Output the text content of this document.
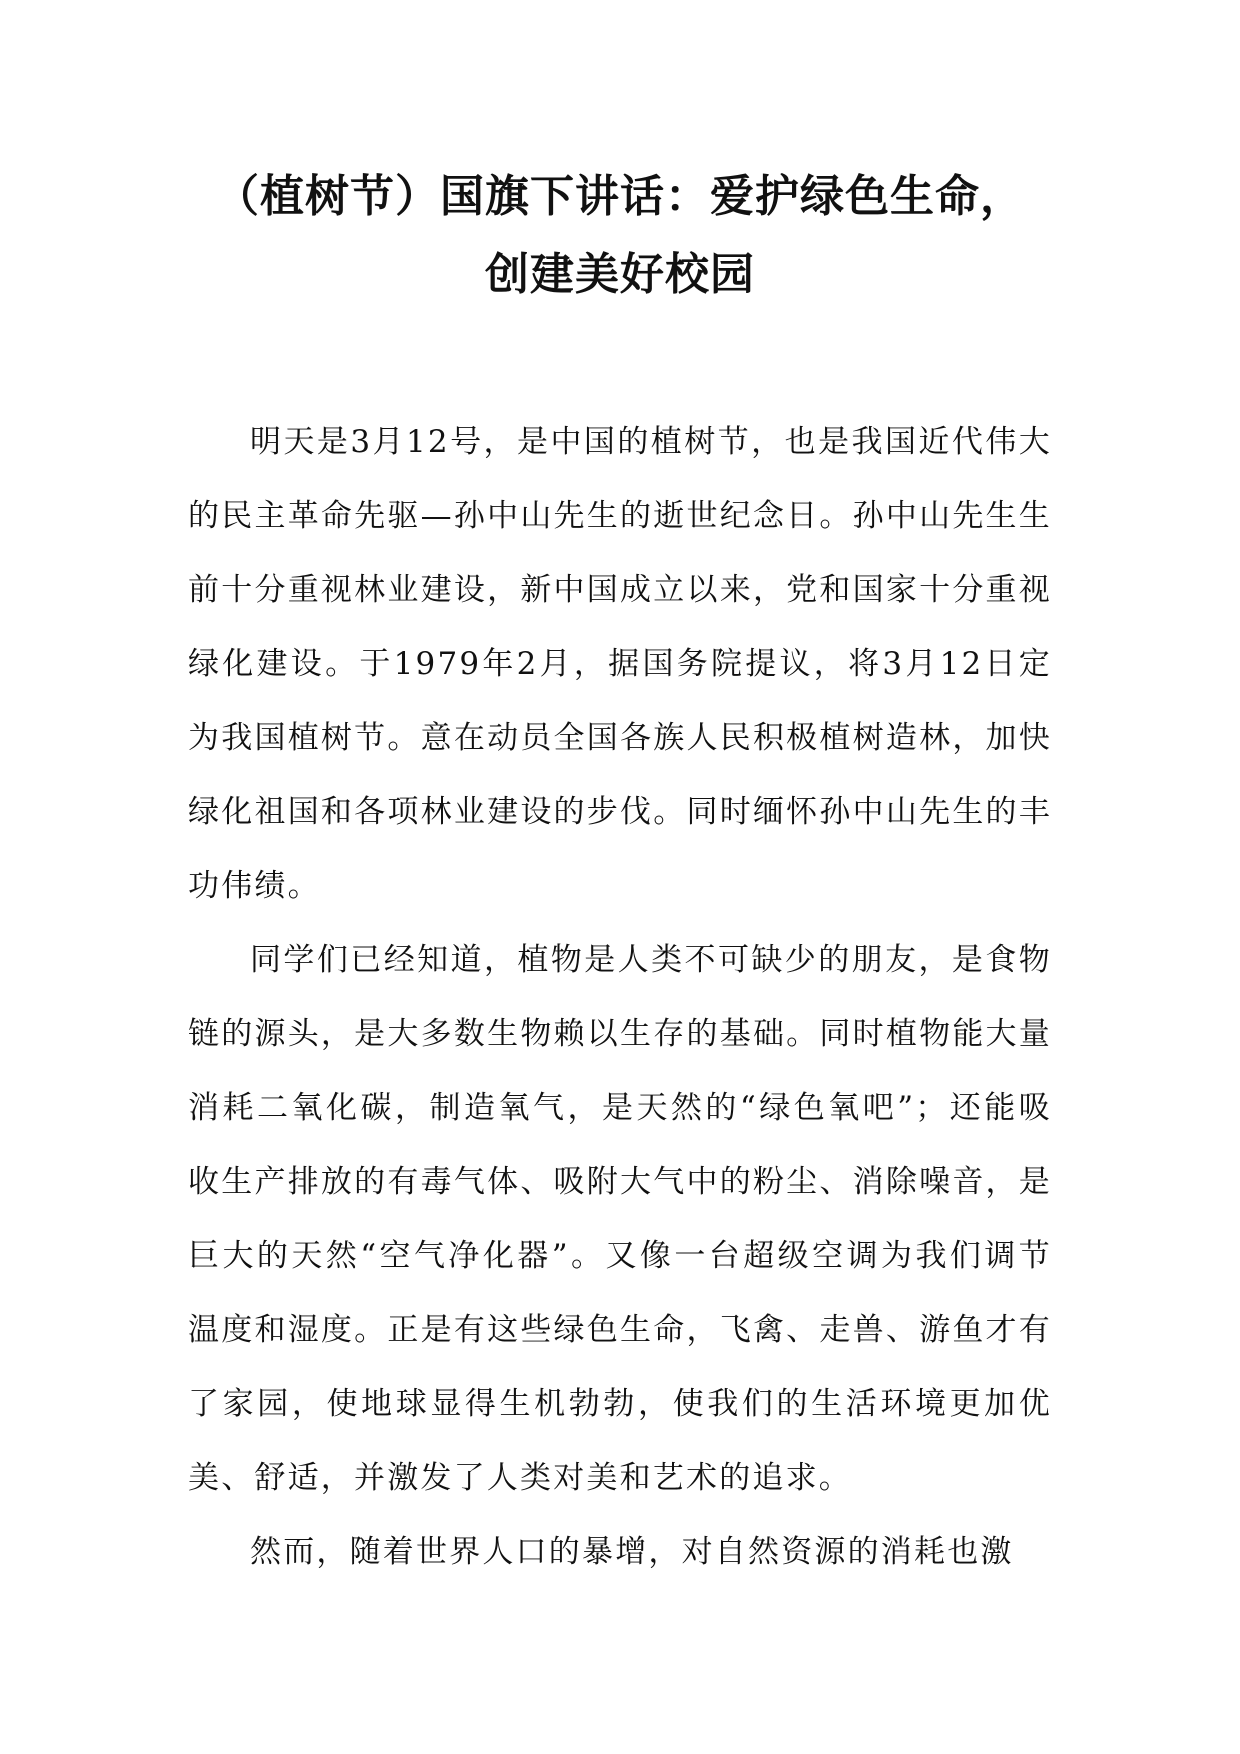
（植树节）国旗下讲话：爱护绿色生命，
创建美好校园

明天是3月12号，是中国的植树节，也是我国近代伟大的民主革命先驱—孙中山先生的逝世纪念日。孙中山先生生前十分重视林业建设，新中国成立以来，党和国家十分重视绿化建设。于1979年2月，据国务院提议，将3月12日定为我国植树节。意在动员全国各族人民积极植树造林，加快绿化祖国和各项林业建设的步伐。同时缅怀孙中山先生的丰功伟绩。

同学们已经知道，植物是人类不可缺少的朋友，是食物链的源头，是大多数生物赖以生存的基础。同时植物能大量消耗二氧化碳，制造氧气，是天然的“绿色氧吧”；还能吸收生产排放的有毒气体、吸附大气中的粉尘、消除噪音，是巨大的天然“空气净化器”。又像一台超级空调为我们调节温度和湿度。正是有这些绿色生命，飞禽、走兽、游鱼才有了家园，使地球显得生机勃勃，使我们的生活环境更加优美、舒适，并激发了人类对美和艺术的追求。

然而，随着世界人口的暴增，对自然资源的消耗也激
